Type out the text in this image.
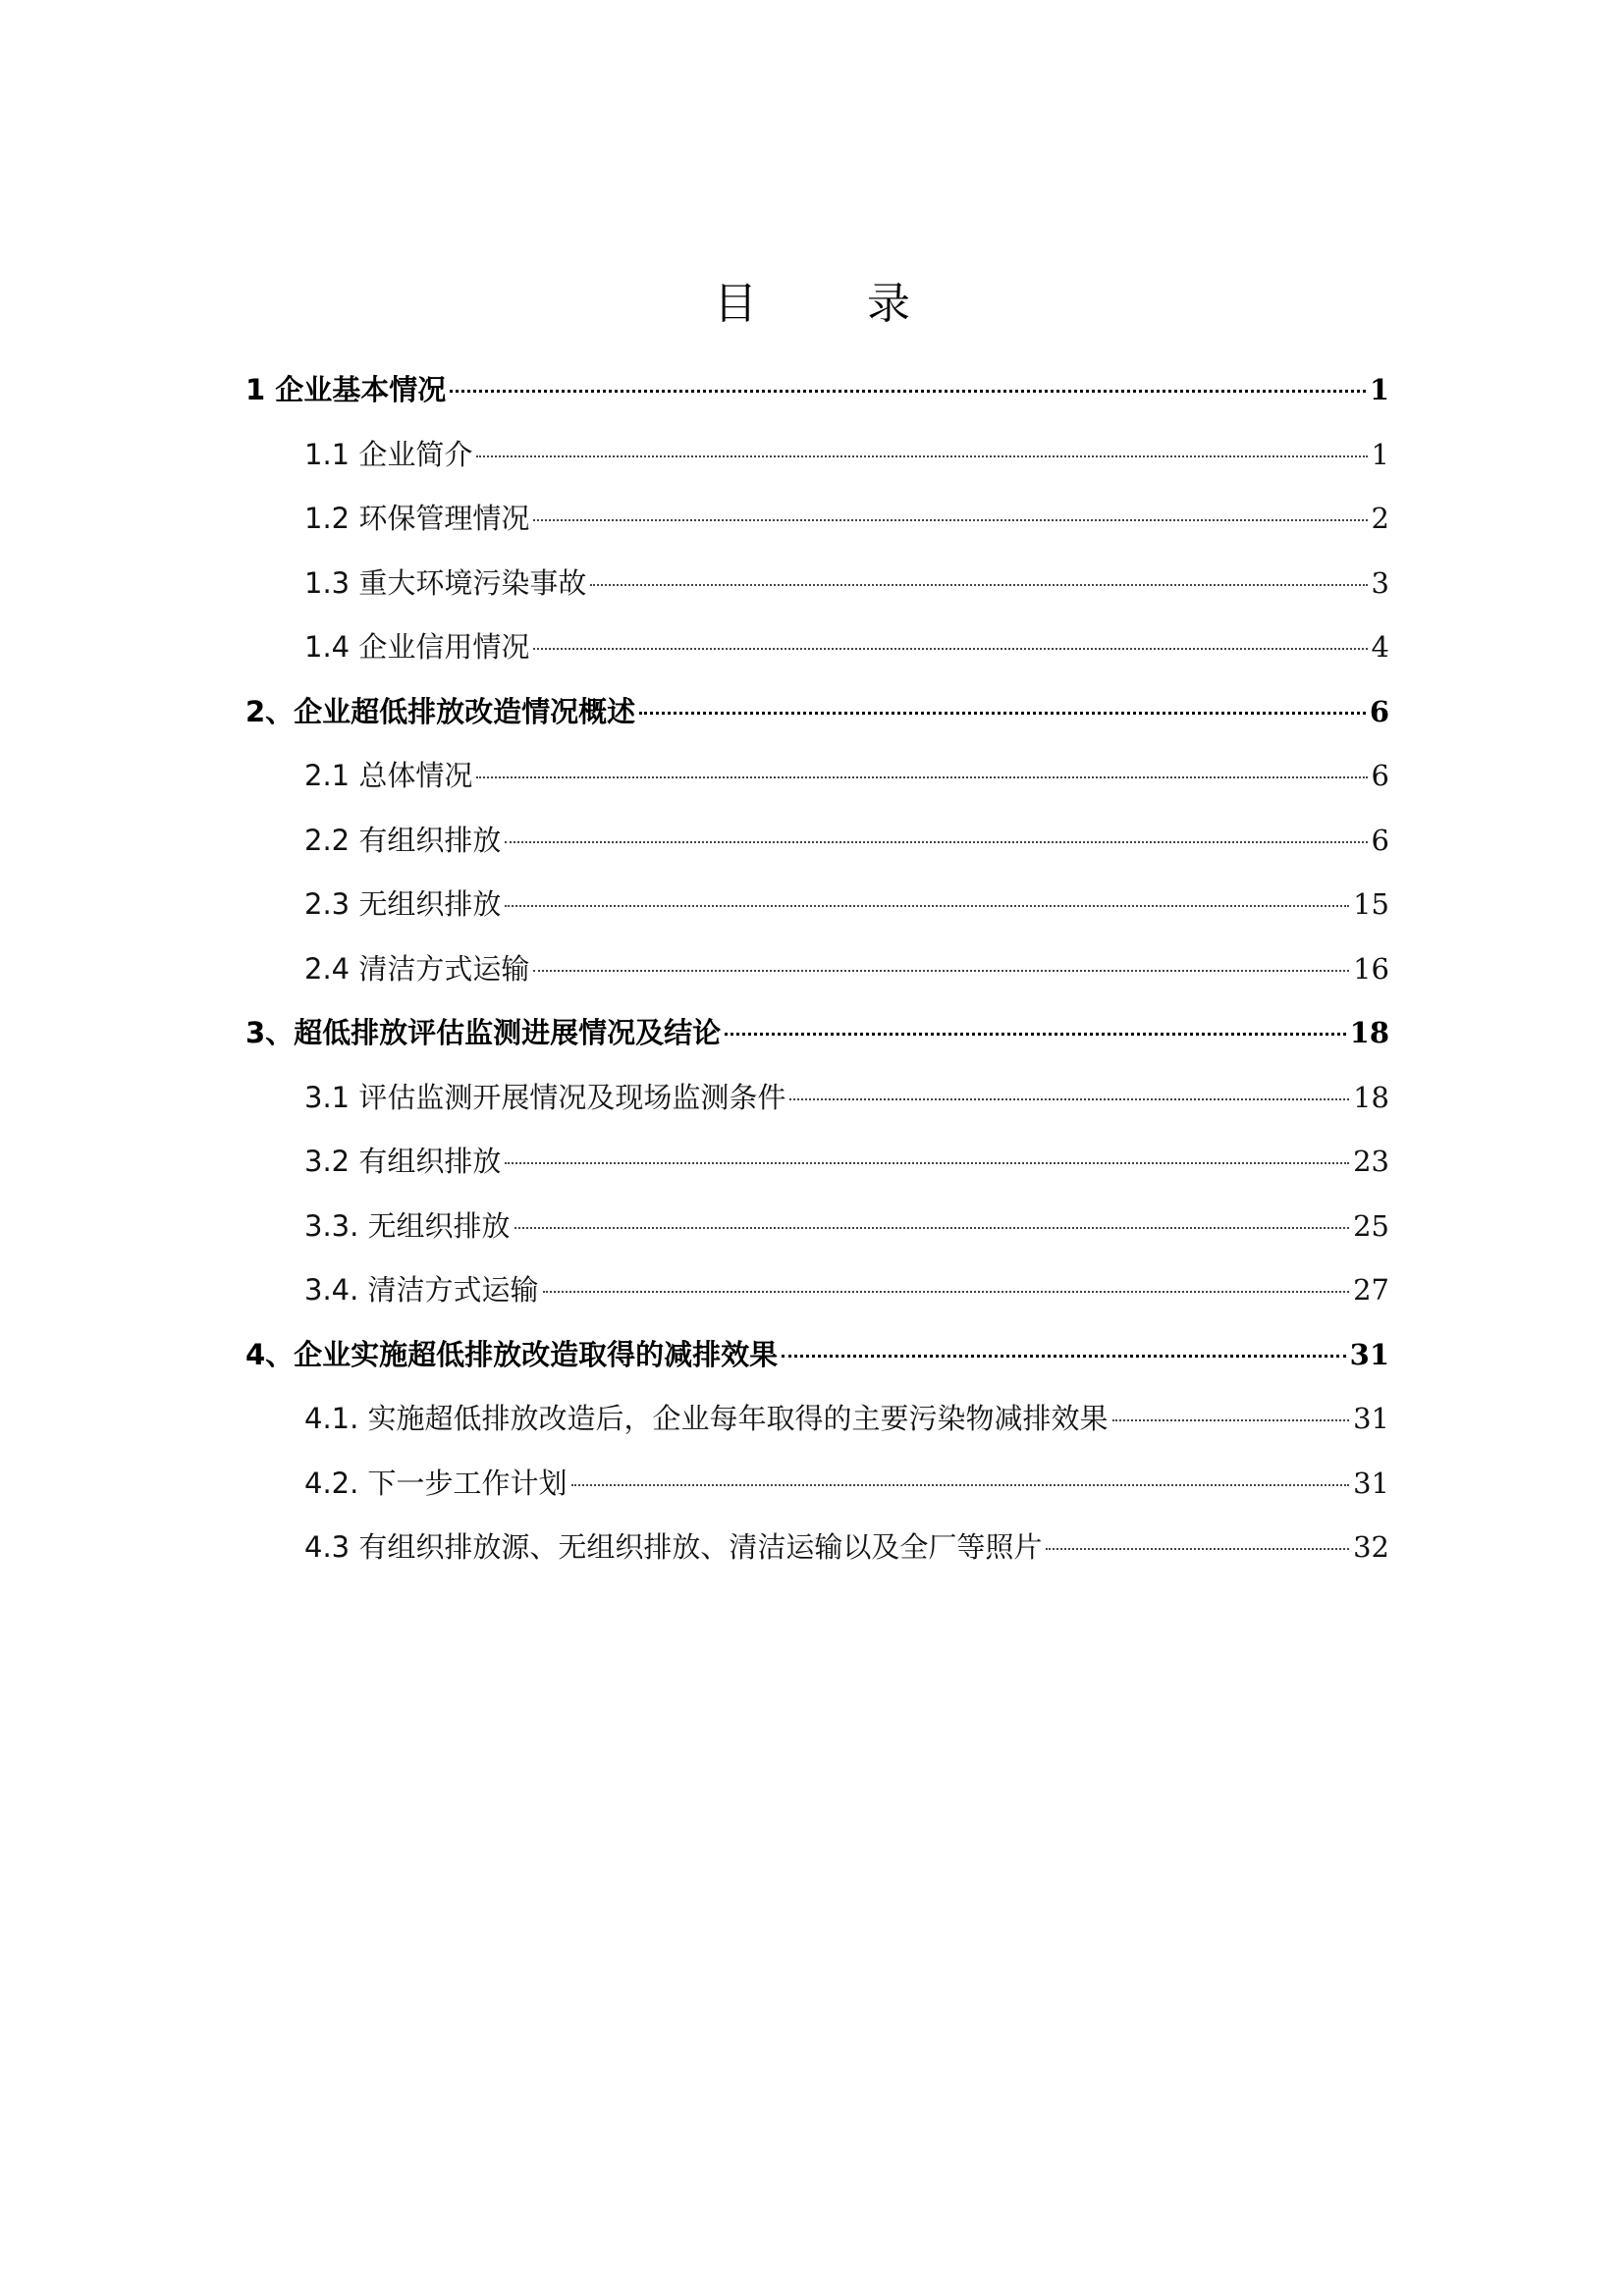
目　录
1 企业基本情况	1
1.1 企业简介	1
1.2 环保管理情况	2
1.3 重大环境污染事故	3
1.4 企业信用情况	4
2、企业超低排放改造情况概述	6
2.1 总体情况	6
2.2 有组织排放	6
2.3 无组织排放	15
2.4 清洁方式运输	16
3、超低排放评估监测进展情况及结论	18
3.1 评估监测开展情况及现场监测条件	18
3.2 有组织排放	23
3.3. 无组织排放	25
3.4. 清洁方式运输	27
4、企业实施超低排放改造取得的减排效果	31
4.1. 实施超低排放改造后，企业每年取得的主要污染物减排效果	31
4.2. 下一步工作计划	31
4.3 有组织排放源、无组织排放、清洁运输以及全厂等照片	32
